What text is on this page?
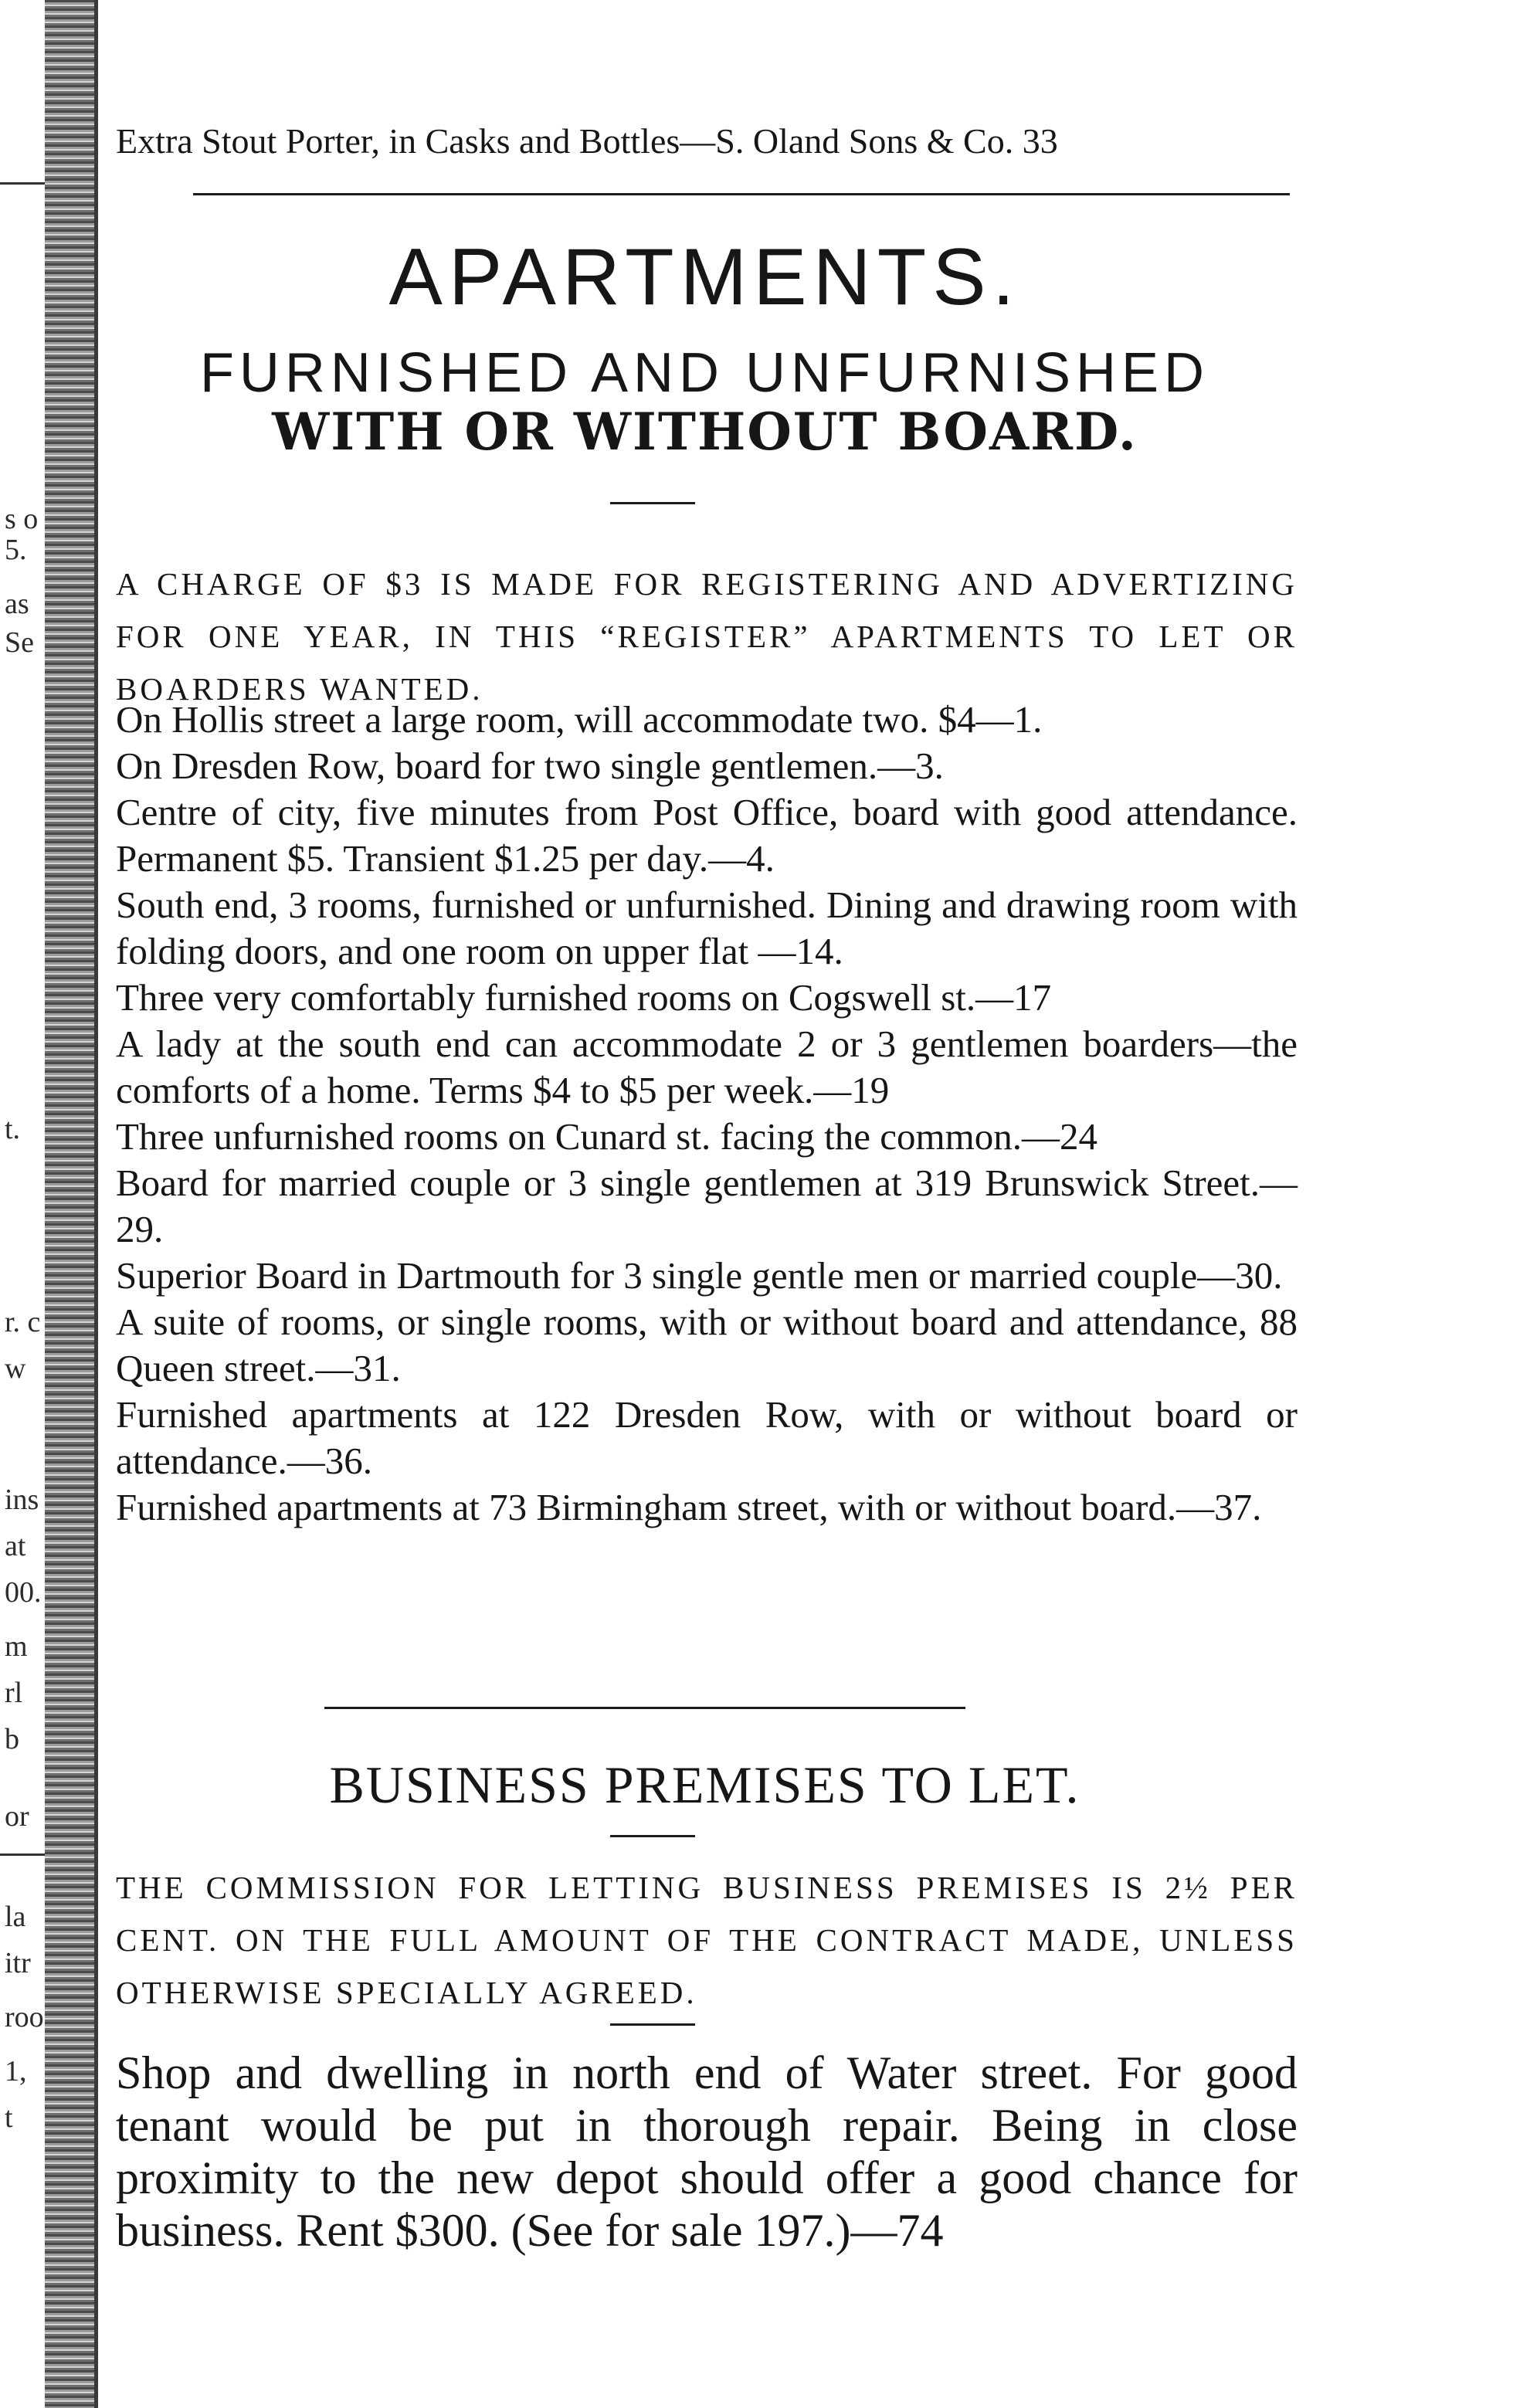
s o
5.
as
Se
t.
r. c
w
ins
at
00.
m
rl
b
or
la
itr
roo
1,
t
Extra Stout Porter, in Casks and Bottles—S. Oland Sons & Co. 33
APARTMENTS.
FURNISHED AND UNFURNISHED
WITH OR WITHOUT BOARD.
A CHARGE OF $3 IS MADE FOR REGISTERING AND ADVERTIZING FOR ONE YEAR, IN THIS “REGISTER” APARTMENTS TO LET OR BOARDERS WANTED.
On Hollis street a large room, will accommodate two. $4—1.
On Dresden Row, board for two single gentlemen.—3.
Centre of city, five minutes from Post Office, board with good attendance. Permanent $5. Transient $1.25 per day.—4.
South end, 3 rooms, furnished or unfurnished. Dining and drawing room with folding doors, and one room on upper flat —14.
Three very comfortably furnished rooms on Cogswell st.—17
A lady at the south end can accommodate 2 or 3 gentlemen boarders—the comforts of a home. Terms $4 to $5 per week.—19
Three unfurnished rooms on Cunard st. facing the common.—24
Board for married couple or 3 single gentlemen at 319 Brunswick Street.—29.
Superior Board in Dartmouth for 3 single gentle men or married couple—30.
A suite of rooms, or single rooms, with or without board and attendance, 88 Queen street.—31.
Furnished apartments at 122 Dresden Row, with or without board or attendance.—36.
Furnished apartments at 73 Birmingham street, with or without board.—37.
BUSINESS PREMISES TO LET.
THE COMMISSION FOR LETTING BUSINESS PREMISES IS 2½ PER CENT. ON THE FULL AMOUNT OF THE CONTRACT MADE, UNLESS OTHERWISE SPECIALLY AGREED.
Shop and dwelling in north end of Water street. For good tenant would be put in thorough repair. Being in close proximity to the new depot should offer a good chance for business. Rent $300. (See for sale 197.)—74
